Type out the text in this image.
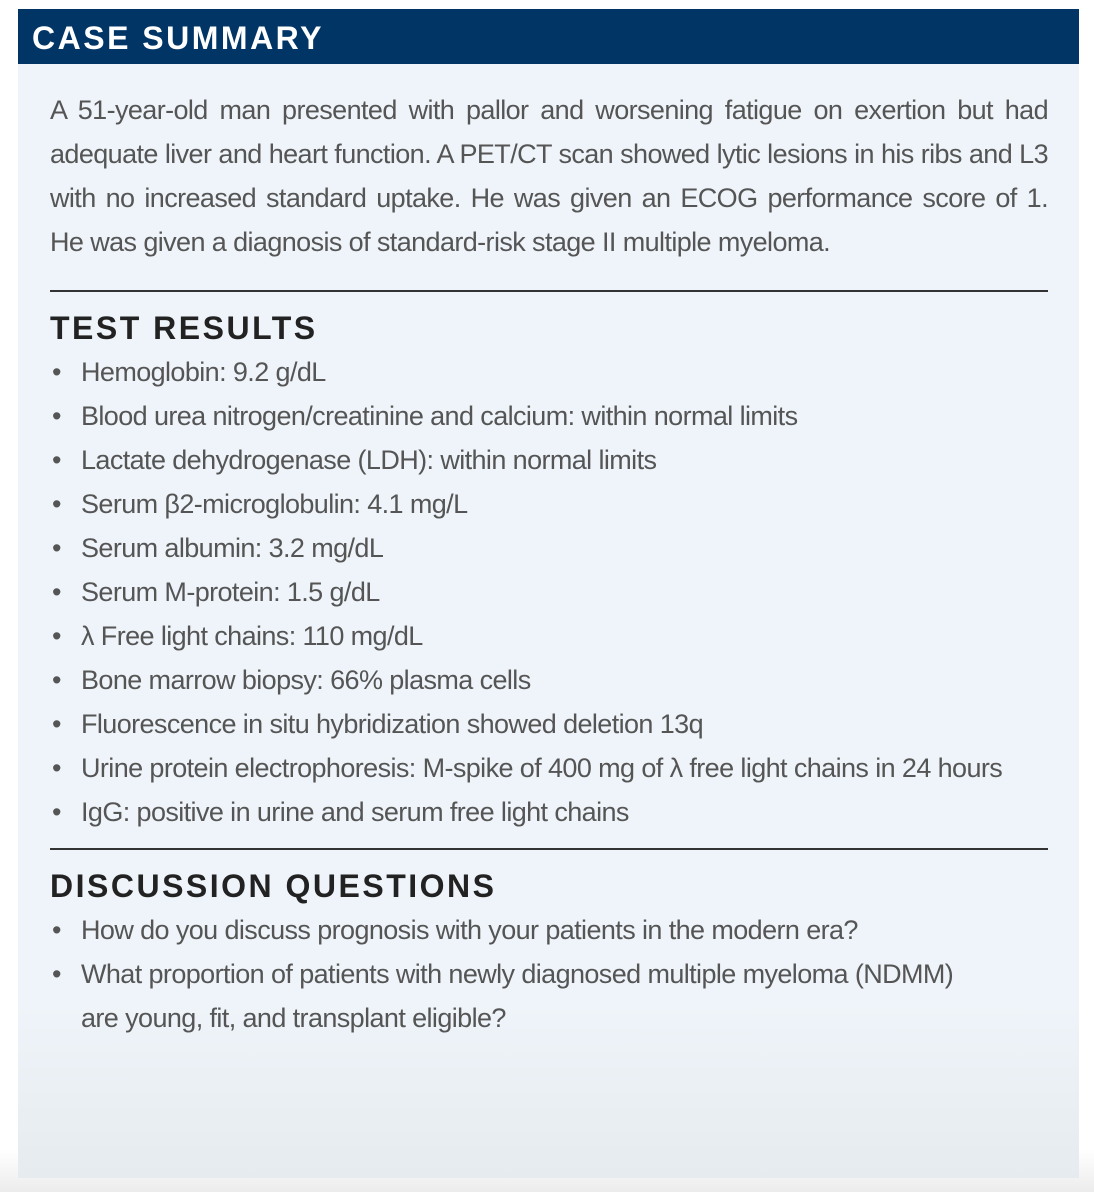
CASE SUMMARY

A 51-year-old man presented with pallor and worsening fatigue on exertion but had adequate liver and heart function. A PET/CT scan showed lytic lesions in his ribs and L3 with no increased standard uptake. He was given an ECOG performance score of 1. He was given a diagnosis of standard-risk stage II multiple myeloma.

TEST RESULTS
• Hemoglobin: 9.2 g/dL
• Blood urea nitrogen/creatinine and calcium: within normal limits
• Lactate dehydrogenase (LDH): within normal limits
• Serum β2-microglobulin: 4.1 mg/L
• Serum albumin: 3.2 mg/dL
• Serum M-protein: 1.5 g/dL
• λ Free light chains: 110 mg/dL
• Bone marrow biopsy: 66% plasma cells
• Fluorescence in situ hybridization showed deletion 13q
• Urine protein electrophoresis: M-spike of 400 mg of λ free light chains in 24 hours
• IgG: positive in urine and serum free light chains
DISCUSSION QUESTIONS
• How do you discuss prognosis with your patients in the modern era?
• What proportion of patients with newly diagnosed multiple myeloma (NDMM) are young, fit, and transplant eligible?
